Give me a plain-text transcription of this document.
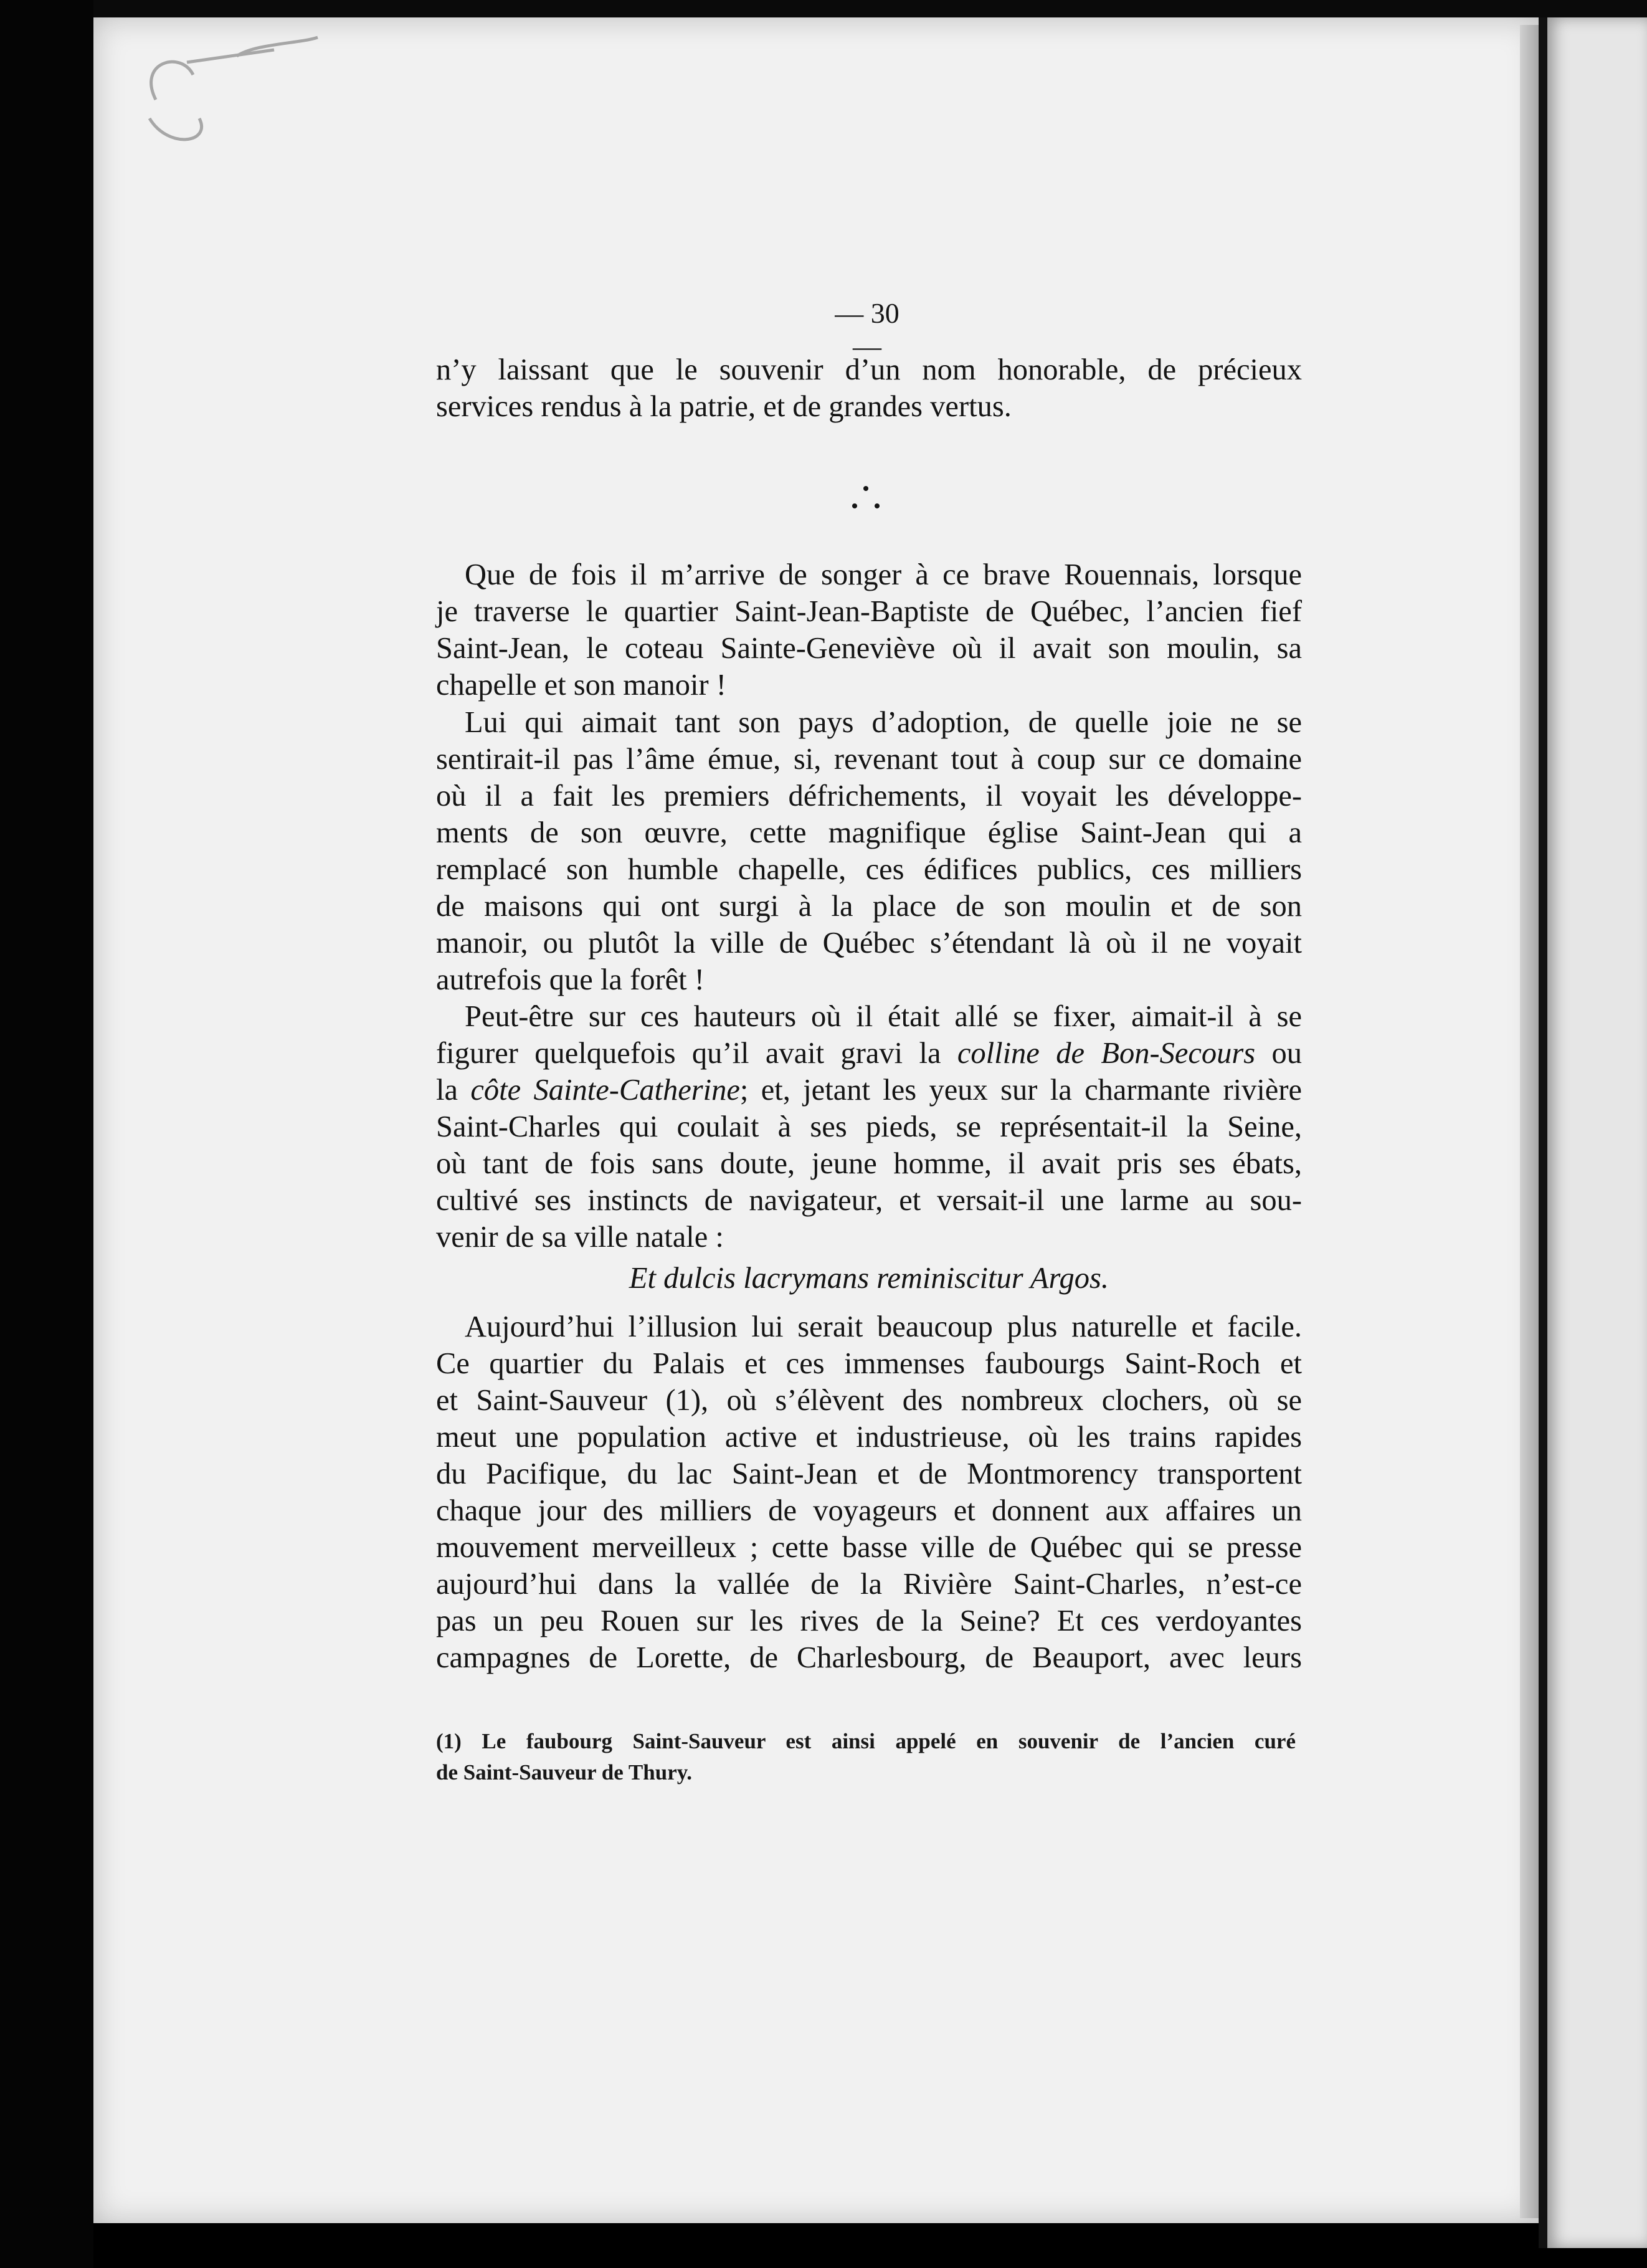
— 30 —
n’y laissant que le souvenir d’un nom honorable, de précieux
services rendus à la patrie, et de grandes vertus.
Que de fois il m’arrive de songer à ce brave Rouennais, lorsque
je traverse le quartier Saint-Jean-Baptiste de Québec, l’ancien fief
Saint-Jean, le coteau Sainte-Geneviève où il avait son moulin, sa
chapelle et son manoir !
Lui qui aimait tant son pays d’adoption, de quelle joie ne se
sentirait-il pas l’âme émue, si, revenant tout à coup sur ce domaine
où il a fait les premiers défrichements, il voyait les développe-
ments de son œuvre, cette magnifique église Saint-Jean qui a
remplacé son humble chapelle, ces édifices publics, ces milliers
de maisons qui ont surgi à la place de son moulin et de son
manoir, ou plutôt la ville de Québec s’étendant là où il ne voyait
autrefois que la forêt !
Peut-être sur ces hauteurs où il était allé se fixer, aimait-il à se
figurer quelquefois qu’il avait gravi la colline de Bon-Secours ou
la côte Sainte-Catherine; et, jetant les yeux sur la charmante rivière
Saint-Charles qui coulait à ses pieds, se représentait-il la Seine,
où tant de fois sans doute, jeune homme, il avait pris ses ébats,
cultivé ses instincts de navigateur, et versait-il une larme au sou-
venir de sa ville natale :
Et dulcis lacrymans reminiscitur Argos.
Aujourd’hui l’illusion lui serait beaucoup plus naturelle et facile.
Ce quartier du Palais et ces immenses faubourgs Saint-Roch et
et Saint-Sauveur (1), où s’élèvent des nombreux clochers, où se
meut une population active et industrieuse, où les trains rapides
du Pacifique, du lac Saint-Jean et de Montmorency transportent
chaque jour des milliers de voyageurs et donnent aux affaires un
mouvement merveilleux ; cette basse ville de Québec qui se presse
aujourd’hui dans la vallée de la Rivière Saint-Charles, n’est-ce
pas un peu Rouen sur les rives de la Seine? Et ces verdoyantes
campagnes de Lorette, de Charlesbourg, de Beauport, avec leurs
(1) Le faubourg Saint-Sauveur est ainsi appelé en souvenir de l’ancien curé
de Saint-Sauveur de Thury.
